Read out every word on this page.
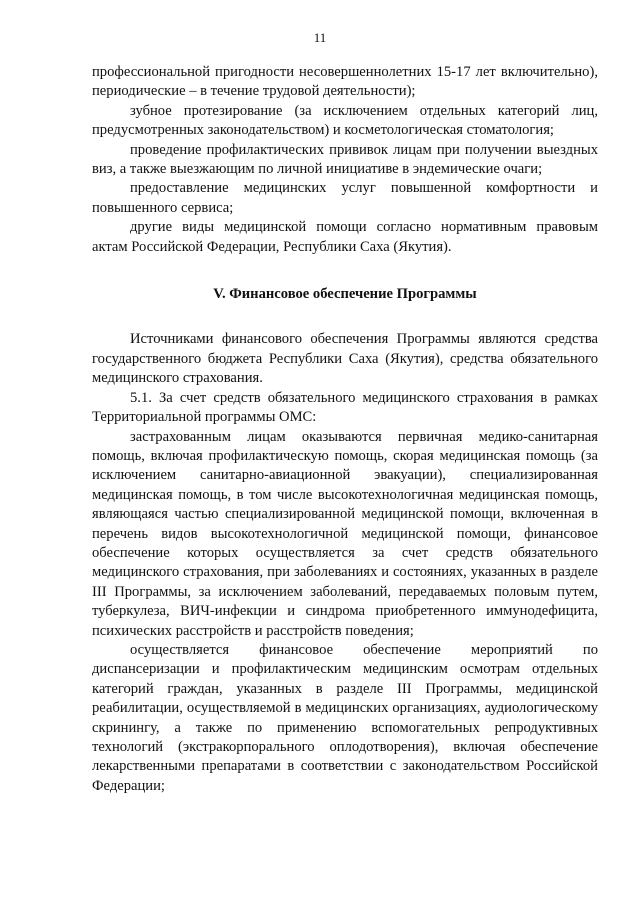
11

профессиональной пригодности несовершеннолетних 15-17 лет включительно), периодические – в течение трудовой деятельности);

зубное протезирование (за исключением отдельных категорий лиц, предусмотренных законодательством) и косметологическая стоматология;

проведение профилактических прививок лицам при получении выездных виз, а также выезжающим по личной инициативе в эндемические очаги;

предоставление медицинских услуг повышенной комфортности и повышенного сервиса;

другие виды медицинской помощи согласно нормативным правовым актам Российской Федерации, Республики Саха (Якутия).

V. Финансовое обеспечение Программы

Источниками финансового обеспечения Программы являются средства государственного бюджета Республики Саха (Якутия), средства обязательного медицинского страхования.

5.1. За счет средств обязательного медицинского страхования в рамках Территориальной программы ОМС:

застрахованным лицам оказываются первичная медико-санитарная помощь, включая профилактическую помощь, скорая медицинская помощь (за исключением санитарно-авиационной эвакуации), специализированная медицинская помощь, в том числе высокотехнологичная медицинская помощь, являющаяся частью специализированной медицинской помощи, включенная в перечень видов высокотехнологичной медицинской помощи, финансовое обеспечение которых осуществляется за счет средств обязательного медицинского страхования, при заболеваниях и состояниях, указанных в разделе III Программы, за исключением заболеваний, передаваемых половым путем, туберкулеза, ВИЧ-инфекции и синдрома приобретенного иммунодефицита, психических расстройств и расстройств поведения;

осуществляется финансовое обеспечение мероприятий по диспансеризации и профилактическим медицинским осмотрам отдельных категорий граждан, указанных в разделе III Программы, медицинской реабилитации, осуществляемой в медицинских организациях, аудиологическому скринингу, а также по применению вспомогательных репродуктивных технологий (экстракорпорального оплодотворения), включая обеспечение лекарственными препаратами в соответствии с законодательством Российской Федерации;
